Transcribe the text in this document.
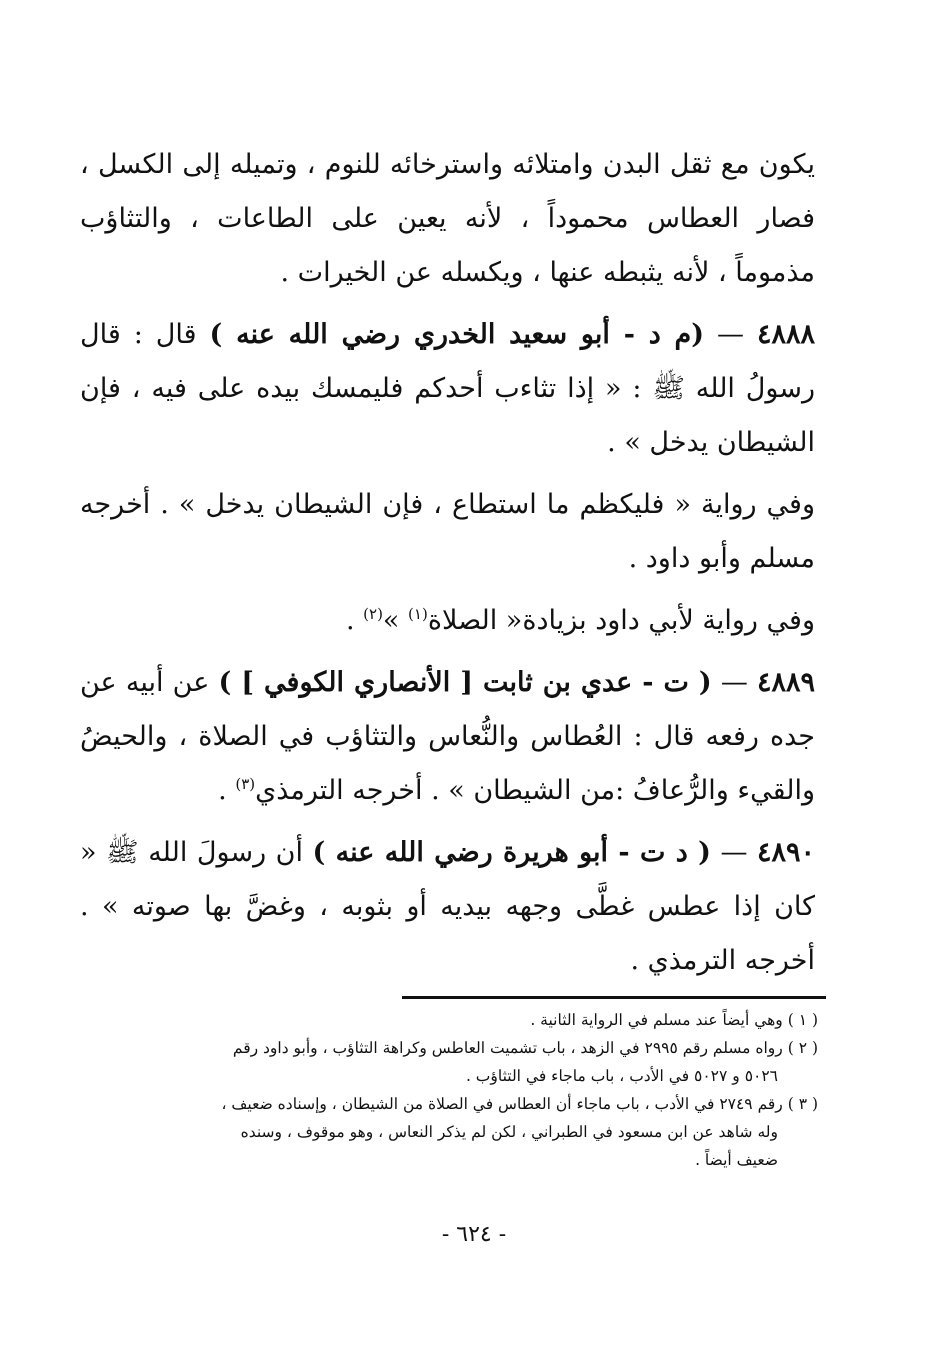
يكون مع ثقل البدن وامتلائه واسترخائه للنوم ، وتميله إلى الكسل ، فصار العطاس محموداً ، لأنه يعين على الطاعات ، والتثاؤب مذموماً ، لأنه يثبطه عنها ، ويكسله عن الخيرات .

٤٨٨٨ — (م د - أبو سعيد الخدري رضي الله عنه ) قال : قال رسولُ الله ﷺ : « إذا تثاءب أحدكم فليمسك بيده على فيه ، فإن الشيطان يدخل » .

وفي رواية « فليكظم ما استطاع ، فإن الشيطان يدخل » . أخرجه مسلم وأبو داود .

وفي رواية لأبي داود بزيادة« الصلاة$^{(١)}$ »$^{(٢)}$ .

٤٨٨٩ — ( ت - عدي بن ثابت [ الأنصاري الكوفي ] ) عن أبيه عن جده رفعه قال : العُطاس والنُّعاس والتثاؤب في الصلاة ، والحيضُ والقيء والرُّعافُ :من الشيطان » . أخرجه الترمذي$^{(٣)}$ .

٤٨٩٠ — ( د ت - أبو هريرة رضي الله عنه ) أن رسولَ الله ﷺ « كان إذا عطس غطَّى وجهه بيديه أو بثوبه ، وغضَّ بها صوته » . أخرجه الترمذي .

( ١ ) وهي أيضاً عند مسلم في الرواية الثانية .

( ٢ ) رواه مسلم رقم ٢٩٩٥ في الزهد ، باب تشميت العاطس وكراهة التثاؤب ، وأبو داود رقم

٥٠٢٦ و ٥٠٢٧ في الأدب ، باب ماجاء في التثاؤب .

( ٣ ) رقم ٢٧٤٩ في الأدب ، باب ماجاء أن العطاس في الصلاة من الشيطان ، وإسناده ضعيف ،

وله شاهد عن ابن مسعود في الطبراني ، لكن لم يذكر النعاس ، وهو موقوف ، وسنده

ضعيف أيضاً .

- ٦٢٤ -
